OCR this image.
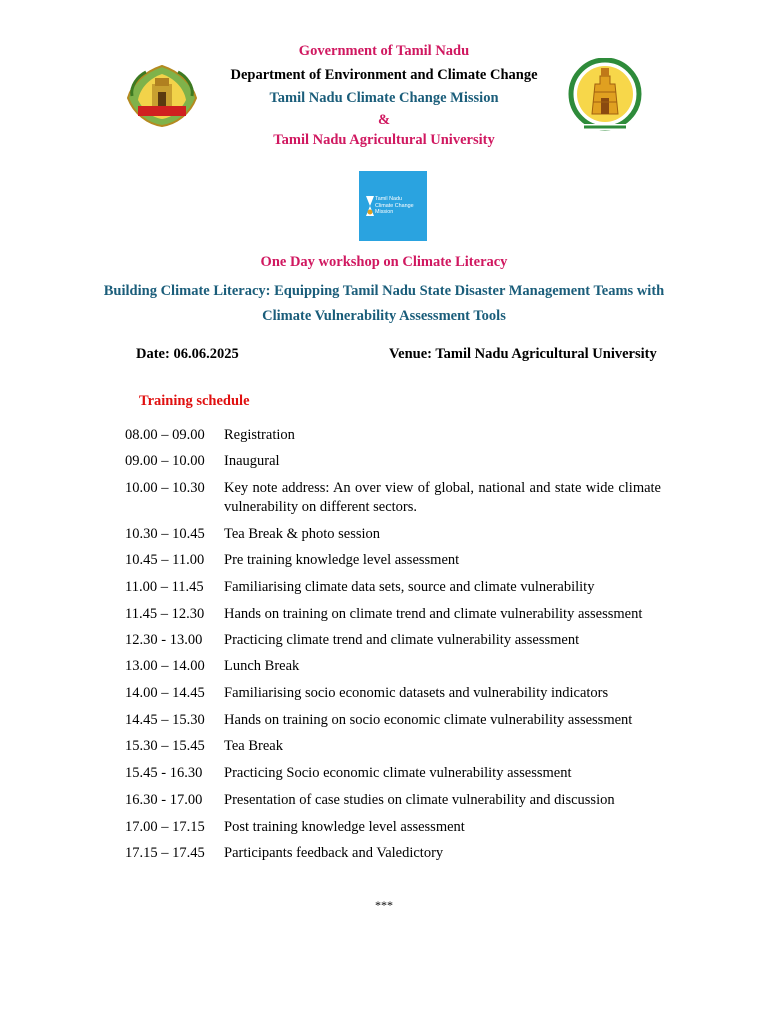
Government of Tamil Nadu
Department of Environment and Climate Change
Tamil Nadu Climate Change Mission
&
Tamil Nadu Agricultural University
Tamil Nadu
Climate Change
Mission
One Day workshop on Climate Literacy
Building Climate Literacy: Equipping Tamil Nadu State Disaster Management Teams with
Climate Vulnerability Assessment Tools
Date: 06.06.2025	Venue: Tamil Nadu Agricultural University
Training schedule
08.00 – 09.00 Registration
09.00 – 10.00 Inaugural
10.00 – 10.30 Key note address: An over view of global, national and state wide climate vulnerability on different sectors.
10.30 – 10.45 Tea Break & photo session
10.45 – 11.00 Pre training knowledge level assessment
11.00 – 11.45 Familiarising climate data sets, source and climate vulnerability
11.45 – 12.30 Hands on training on climate trend and climate vulnerability assessment
12.30 - 13.00 Practicing climate trend and climate vulnerability assessment
13.00 – 14.00 Lunch Break
14.00 – 14.45 Familiarising socio economic datasets and vulnerability indicators
14.45 – 15.30 Hands on training on socio economic climate vulnerability assessment
15.30 – 15.45 Tea Break
15.45 - 16.30 Practicing Socio economic climate vulnerability assessment
16.30 - 17.00 Presentation of case studies on climate vulnerability and discussion
17.00 – 17.15 Post training knowledge level assessment
17.15 – 17.45 Participants feedback and Valedictory
***
